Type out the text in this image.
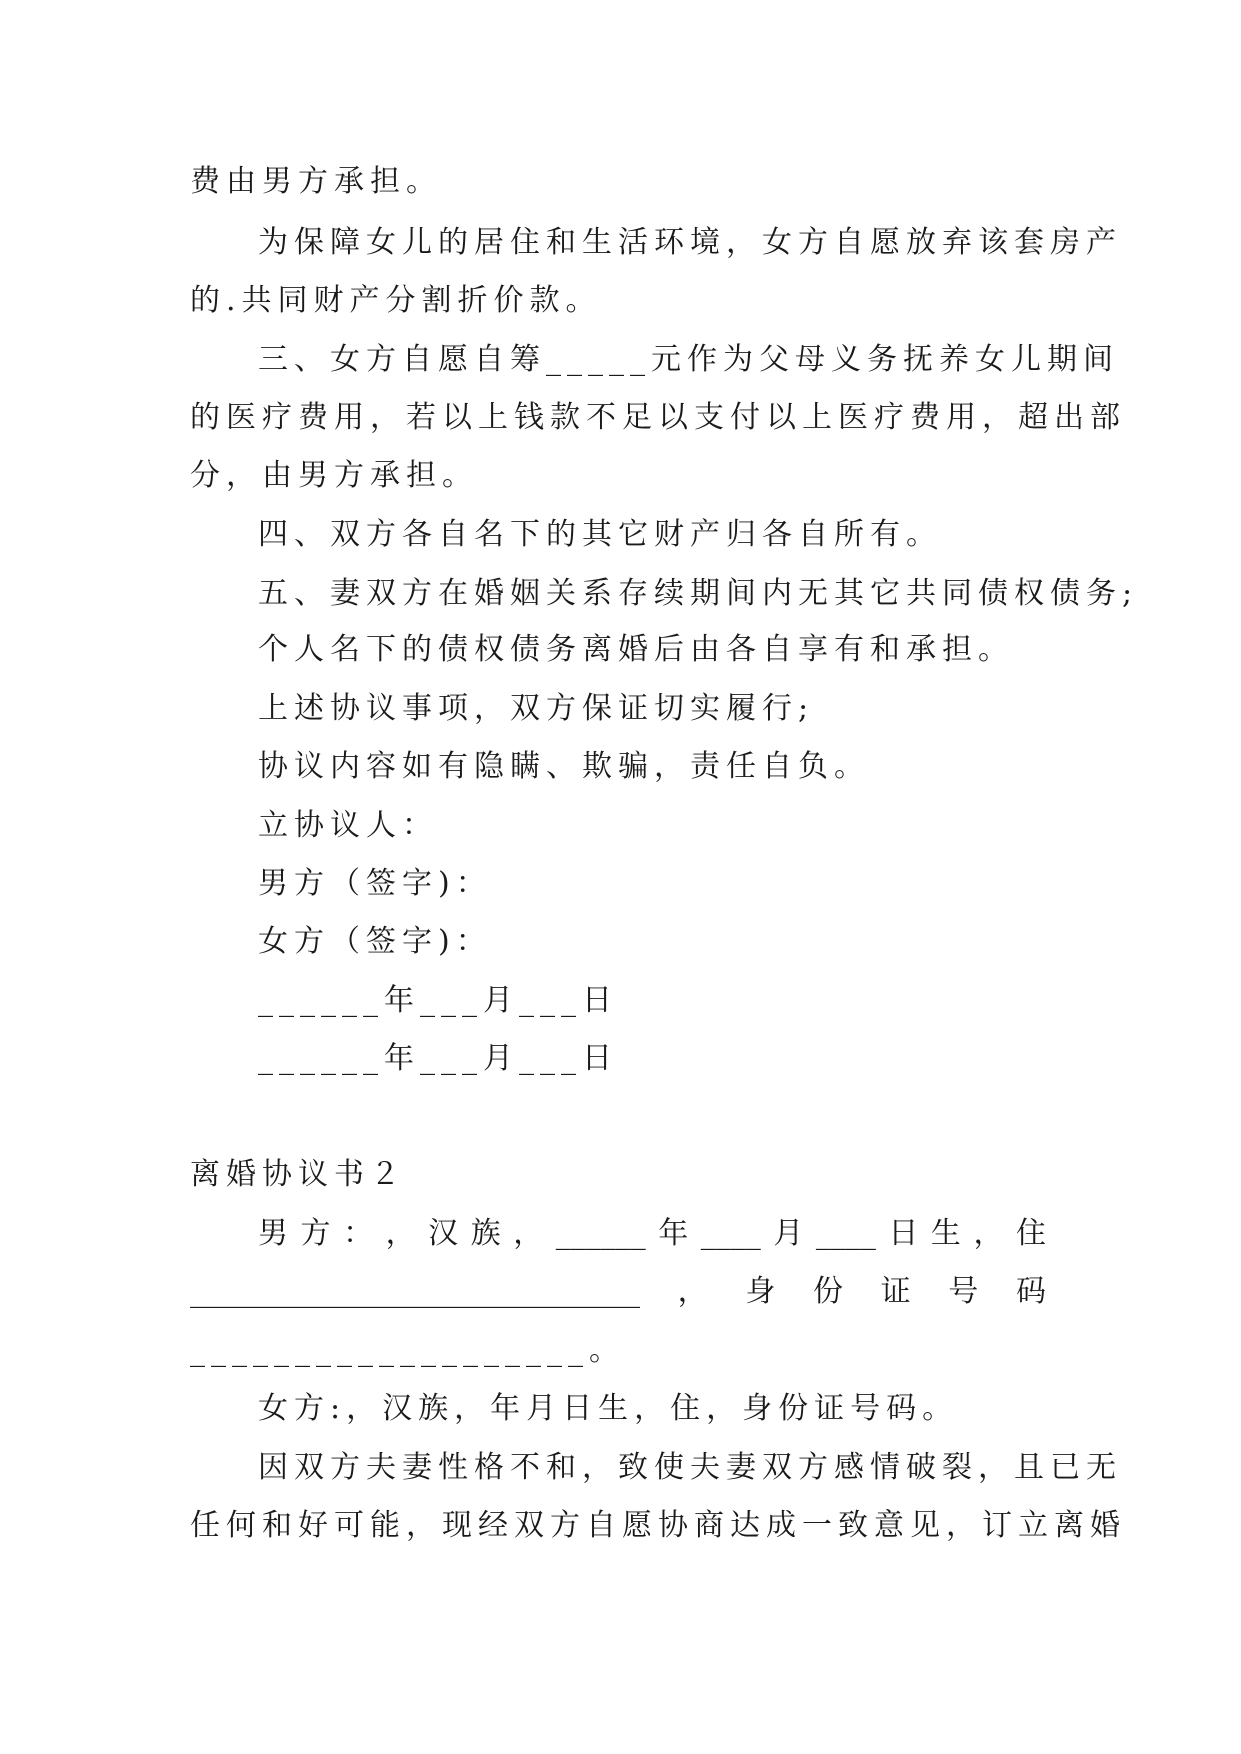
费由男方承担。
为保障女儿的居住和生活环境，女方自愿放弃该套房产
的.共同财产分割折价款。
三、女方自愿自筹_____元作为父母义务抚养女儿期间
的医疗费用，若以上钱款不足以支付以上医疗费用，超出部
分，由男方承担。
四、双方各自名下的其它财产归各自所有。
五、妻双方在婚姻关系存续期间内无其它共同债权债务;
个人名下的债权债务离婚后由各自享有和承担。
上述协议事项，双方保证切实履行;
协议内容如有隐瞒、欺骗，责任自负。
立协议人：
男方（签字)：
女方（签字)：
______年___月___日
______年___月___日
离婚协议书２
男 方 ： ， 汉 族 ， ______ 年 ____ 月 ____ 日 生 ， 住
______________________________ ， 身 份 证 号 码
___________________。
女方:，汉族，年月日生，住，身份证号码。
因双方夫妻性格不和，致使夫妻双方感情破裂，且已无
任何和好可能，现经双方自愿协商达成一致意见，订立离婚
